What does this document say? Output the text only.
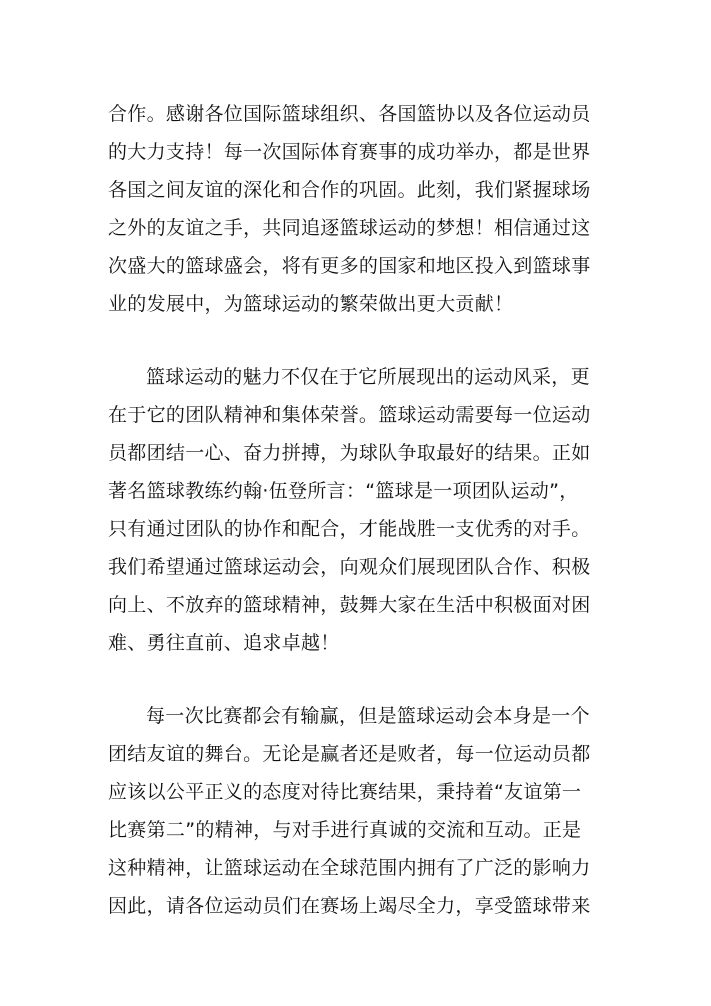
合作。感谢各位国际篮球组织、各国篮协以及各位运动员
的大力支持！每一次国际体育赛事的成功举办，都是世界
各国之间友谊的深化和合作的巩固。此刻，我们紧握球场
之外的友谊之手，共同追逐篮球运动的梦想！相信通过这
次盛大的篮球盛会，将有更多的国家和地区投入到篮球事
业的发展中，为篮球运动的繁荣做出更大贡献！
篮球运动的魅力不仅在于它所展现出的运动风采，更
在于它的团队精神和集体荣誉。篮球运动需要每一位运动
员都团结一心、奋力拼搏，为球队争取最好的结果。正如
著名篮球教练约翰·伍登所言：“篮球是一项团队运动”，
只有通过团队的协作和配合，才能战胜一支优秀的对手。
我们希望通过篮球运动会，向观众们展现团队合作、积极
向上、不放弃的篮球精神，鼓舞大家在生活中积极面对困
难、勇往直前、追求卓越！
每一次比赛都会有输赢，但是篮球运动会本身是一个
团结友谊的舞台。无论是赢者还是败者，每一位运动员都
应该以公平正义的态度对待比赛结果，秉持着“友谊第一
比赛第二”的精神，与对手进行真诚的交流和互动。正是
这种精神，让篮球运动在全球范围内拥有了广泛的影响力
因此，请各位运动员们在赛场上竭尽全力，享受篮球带来
